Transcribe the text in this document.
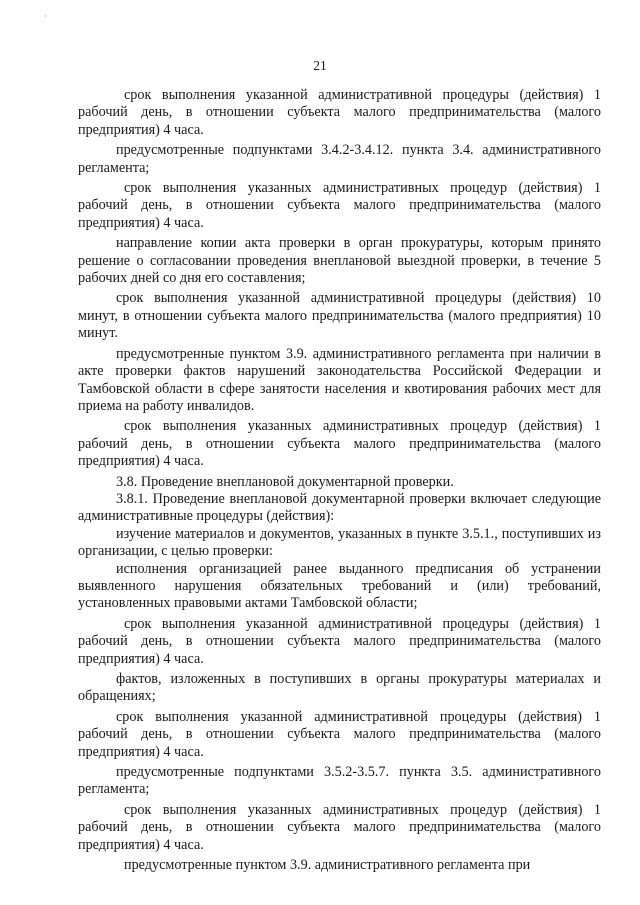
·
21

срок выполнения указанной административной процедуры (действия) 1 рабочий день, в отношении субъекта малого предпринимательства (малого предприятия) 4 часа.

предусмотренные подпунктами 3.4.2-3.4.12. пункта 3.4. административного регламента;

срок выполнения указанных административных процедур (действия) 1 рабочий день, в отношении субъекта малого предпринимательства (малого предприятия) 4 часа.

направление копии акта проверки в орган прокуратуры, которым принято решение о согласовании проведения внеплановой выездной проверки, в течение 5 рабочих дней со дня его составления;

срок выполнения указанной административной процедуры (действия) 10 минут, в отношении субъекта малого предпринимательства (малого предприятия) 10 минут.

предусмотренные пунктом 3.9. административного регламента при наличии в акте проверки фактов нарушений законодательства Российской Федерации и Тамбовской области в сфере занятости населения и квотирования рабочих мест для приема на работу инвалидов.

срок выполнения указанных административных процедур (действия) 1 рабочий день, в отношении субъекта малого предпринимательства (малого предприятия) 4 часа.

3.8. Проведение внеплановой документарной проверки.

3.8.1. Проведение внеплановой документарной проверки включает следующие административные процедуры (действия):

изучение материалов и документов, указанных в пункте 3.5.1., поступивших из организации, с целью проверки:

исполнения организацией ранее выданного предписания об устранении выявленного нарушения обязательных требований и (или) требований, установленных правовыми актами Тамбовской области;

срок выполнения указанной административной процедуры (действия) 1 рабочий день, в отношении субъекта малого предпринимательства (малого предприятия) 4 часа.

фактов, изложенных в поступивших в органы прокуратуры материалах и обращениях;

срок выполнения указанной административной процедуры (действия) 1 рабочий день, в отношении субъекта малого предпринимательства (малого предприятия) 4 часа.

предусмотренные подпунктами 3.5.2-3.5.7. пункта 3.5. административного регламента;

срок выполнения указанных административных процедур (действия) 1 рабочий день, в отношении субъекта малого предпринимательства (малого предприятия) 4 часа.

предусмотренные пунктом 3.9. административного регламента при
